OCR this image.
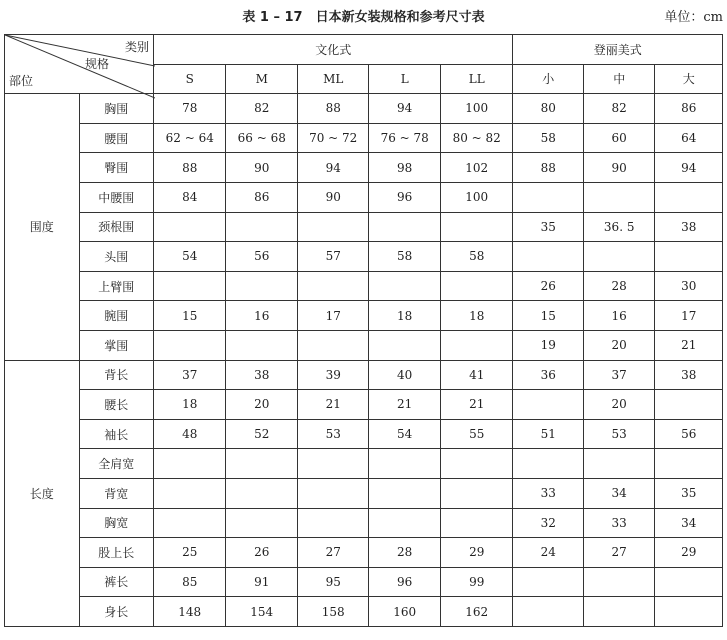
表 1 – 17　日本新女装规格和参考尺寸表	单位：cm
类别
规格
部位		文化式					登丽美式		
		S	M	ML	L	LL	小	中	大
围度	胸围	78	82	88	94	100	80	82	86
	腰围	62 ~ 64	66 ~ 68	70 ~ 72	76 ~ 78	80 ~ 82	58	60	64
	臀围	88	90	94	98	102	88	90	94
	中腰围	84	86	90	96	100			
	颈根围						35	36. 5	38
	头围	54	56	57	58	58			
	上臂围						26	28	30
	腕围	15	16	17	18	18	15	16	17
	掌围						19	20	21
长度	背长	37	38	39	40	41	36	37	38
	腰长	18	20	21	21	21		20	
	袖长	48	52	53	54	55	51	53	56
	全肩宽								
	背宽						33	34	35
	胸宽						32	33	34
	股上长	25	26	27	28	29	24	27	29
	裤长	85	91	95	96	99			
	身长	148	154	158	160	162			
